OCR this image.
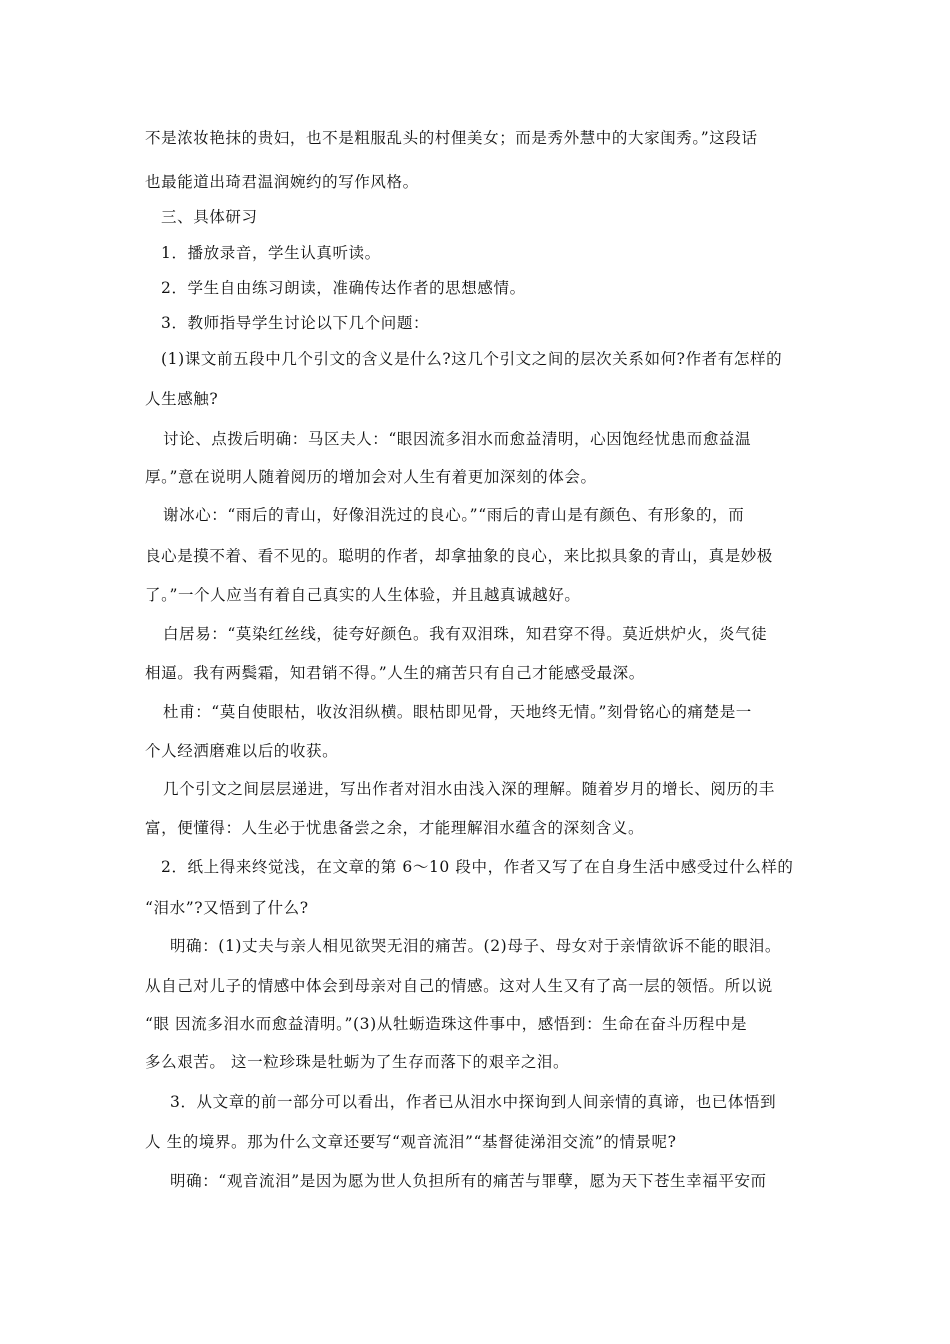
不是浓妆艳抹的贵妇，也不是粗服乱头的村俚美女；而是秀外慧中的大家闺秀。”这段话
也最能道出琦君温润婉约的写作风格。
三、具体研习
1．播放录音，学生认真听读。
2．学生自由练习朗读，准确传达作者的思想感情。
3．教师指导学生讨论以下几个问题：
(1)课文前五段中几个引文的含义是什么?这几个引文之间的层次关系如何?作者有怎样的
人生感触?
讨论、点拨后明确：马区夫人：“眼因流多泪水而愈益清明，心因饱经忧患而愈益温
厚。”意在说明人随着阅历的增加会对人生有着更加深刻的体会。
谢冰心：“雨后的青山，好像泪洗过的良心。”“雨后的青山是有颜色、有形象的，而
良心是摸不着、看不见的。聪明的作者，却拿抽象的良心，来比拟具象的青山，真是妙极
了。”一个人应当有着自己真实的人生体验，并且越真诚越好。
白居易：“莫染红丝线，徒夸好颜色。我有双泪珠，知君穿不得。莫近烘炉火，炎气徒
相逼。我有两鬓霜，知君销不得。”人生的痛苦只有自己才能感受最深。
杜甫：“莫自使眼枯，收汝泪纵横。眼枯即见骨，天地终无情。”刻骨铭心的痛楚是一
个人经洒磨难以后的收获。
几个引文之间层层递进，写出作者对泪水由浅入深的理解。随着岁月的增长、阅历的丰
富，便懂得：人生必于忧患备尝之余，才能理解泪水蕴含的深刻含义。
2．纸上得来终觉浅，在文章的第 6～10 段中，作者又写了在自身生活中感受过什么样的
“泪水”?又悟到了什么?
明确：(1)丈夫与亲人相见欲哭无泪的痛苦。(2)母子、母女对于亲情欲诉不能的眼泪。
从自己对儿子的情感中体会到母亲对自己的情感。这对人生又有了高一层的领悟。所以说
“眼 因流多泪水而愈益清明。”(3)从牡蛎造珠这件事中，感悟到：生命在奋斗历程中是
多么艰苦。 这一粒珍珠是牡蛎为了生存而落下的艰辛之泪。
3．从文章的前一部分可以看出，作者已从泪水中探询到人间亲情的真谛，也已体悟到
人 生的境界。那为什么文章还要写“观音流泪”“基督徒涕泪交流”的情景呢?
明确：“观音流泪”是因为愿为世人负担所有的痛苦与罪孽，愿为天下苍生幸福平安而
